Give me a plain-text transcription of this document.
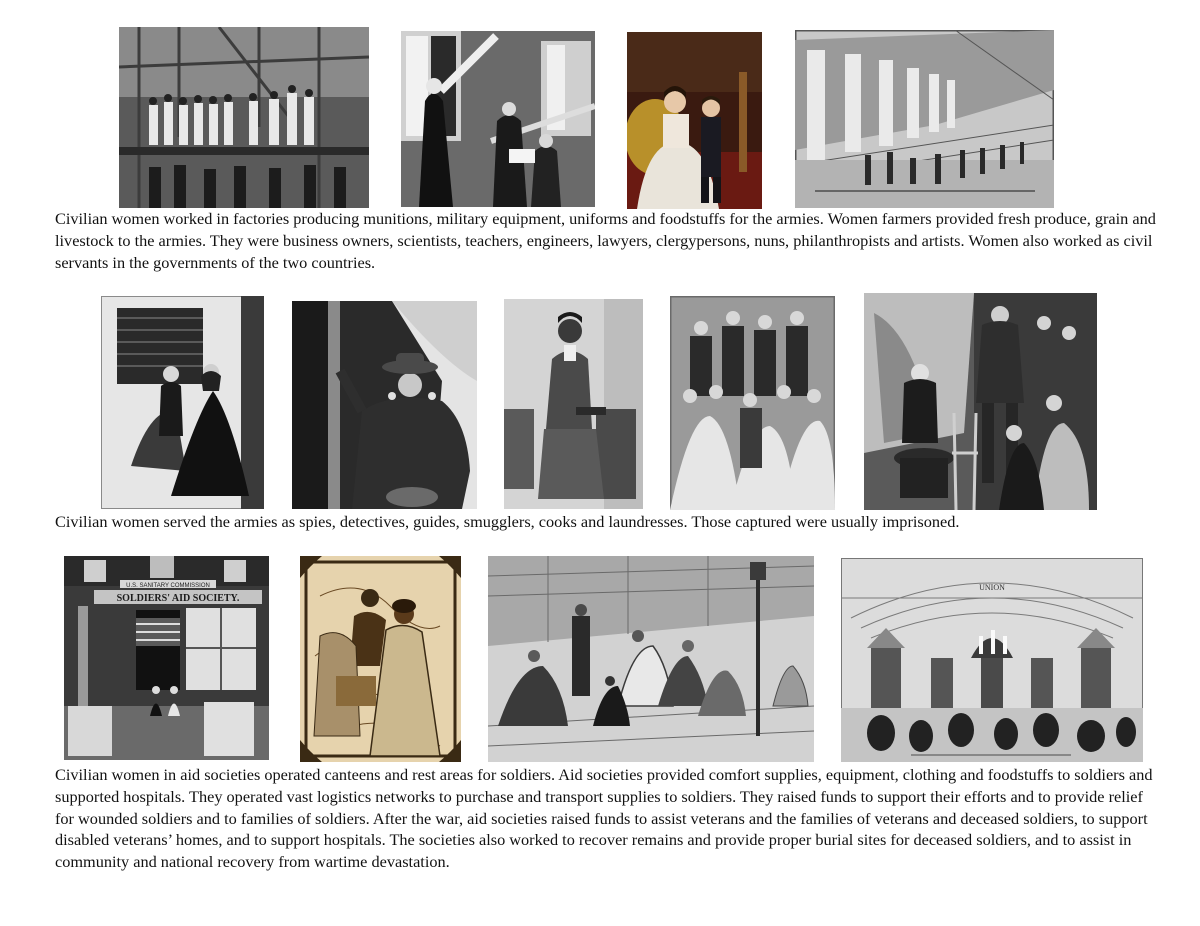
Civilian women worked in factories producing munitions, military equipment, uniforms and foodstuffs for the armies. Women farmers provided fresh produce, grain and livestock to the armies. They were business owners, scientists, teachers, engineers, lawyers, clergypersons, nuns, philanthropists and artists. Women also worked as civil servants in the governments of the two countries.

Civilian women served the armies as spies, detectives, guides, smugglers, cooks and laundresses. Those captured were usually imprisoned.

U.S. SANITARY COMMISSION
SOLDIERS' AID SOCIETY.
UNION

Civilian women in aid societies operated canteens and rest areas for soldiers. Aid societies provided comfort supplies, equipment, clothing and foodstuffs to soldiers and supported hospitals. They operated vast logistics networks to purchase and transport supplies to soldiers. They raised funds to support their efforts and to provide relief for wounded soldiers and to families of soldiers. After the war, aid societies raised funds to assist veterans and the families of veterans and deceased soldiers, to support disabled veterans’ homes, and to support hospitals. The societies also worked to recover remains and provide proper burial sites for deceased soldiers, and to assist in community and national recovery from wartime devastation.
